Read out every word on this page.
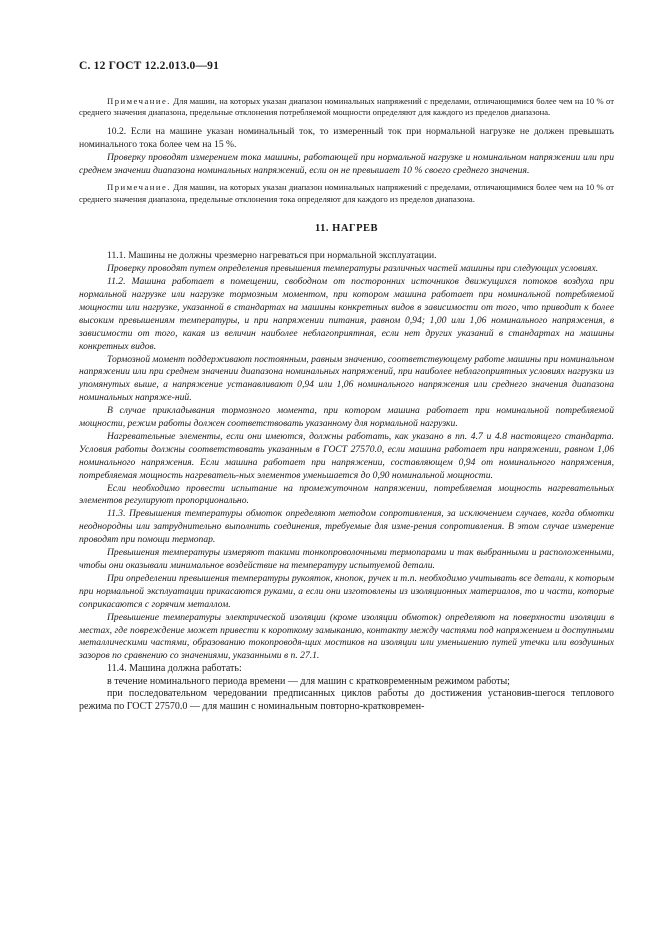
С. 12 ГОСТ 12.2.013.0—91

Примечание. Для машин, на которых указан диапазон номинальных напряжений с пределами, отличающимися более чем на 10 % от среднего значения диапазона, предельные отклонения потребляемой мощности определяют для каждого из пределов диапазона.

10.2. Если на машине указан номинальный ток, то измеренный ток при нормальной нагрузке не должен превышать номинального тока более чем на 15 %.

Проверку проводят измерением тока машины, работающей при нормальной нагрузке и номинальном напряжении или при среднем значении диапазона номинальных напряжений, если он не превышает 10 % своего среднего значения.

Примечание. Для машин, на которых указан диапазон номинальных напряжений с пределами, отличающимися более чем на 10 % от среднего значения диапазона, предельные отклонения тока определяют для каждого из пределов диапазона.

11. НАГРЕВ

11.1. Машины не должны чрезмерно нагреваться при нормальной эксплуатации.

Проверку проводят путем определения превышения температуры различных частей машины при следующих условиях.

11.2. Машина работает в помещении, свободном от посторонних источников движущихся потоков воздуха при нормальной нагрузке или нагрузке тормозным моментом, при котором машина работает при номинальной потребляемой мощности или нагрузке, указанной в стандартах на машины конкретных видов в зависимости от того, что приводит к более высоким превышениям температуры, и при напряжении питания, равном 0,94; 1,00 или 1,06 номинального напряжения, в зависимости от того, какая из величин наиболее неблагоприятная, если нет других указаний в стандартах на машины конкретных видов.

Тормозной момент поддерживают постоянным, равным значению, соответствующему работе машины при номинальном напряжении или при среднем значении диапазона номинальных напряжений, при наиболее неблагоприятных условиях нагрузки из упомянутых выше, а напряжение устанавливают 0,94 или 1,06 номинального напряжения или среднего значения диапазона номинальных напряже-ний.

В случае прикладывания тормозного момента, при котором машина работает при номинальной потребляемой мощности, режим работы должен соответствовать указанному для нормальной нагрузки.

Нагревательные элементы, если они имеются, должны работать, как указано в пп. 4.7 и 4.8 настоящего стандарта. Условия работы должны соответствовать указанным в ГОСТ 27570.0, если машина работает при напряжении, равном 1,06 номинального напряжения. Если машина работает при напряжении, составляющем 0,94 от номинального напряжения, потребляемая мощность нагреватель-ных элементов уменьшается до 0,90 номинальной мощности.

Если необходимо провести испытание на промежуточном напряжении, потребляемая мощность нагревательных элементов регулируют пропорционально.

11.3. Превышения температуры обмоток определяют методом сопротивления, за исключением случаев, когда обмотки неоднородны или затруднительно выполнить соединения, требуемые для изме-рения сопротивления. В этом случае измерение проводят при помощи термопар.

Превышения температуры измеряют такими тонкопроволочными термопарами и так выбранными и расположенными, чтобы они оказывали минимальное воздействие на температуру испытуемой детали.

При определении превышения температуры рукояток, кнопок, ручек и т.п. необходимо учитывать все детали, к которым при нормальной эксплуатации прикасаются руками, а если они изготовлены из изоляционных материалов, то и части, которые соприкасаются с горячим металлом.

Превышение температуры электрической изоляции (кроме изоляции обмоток) определяют на поверхности изоляции в местах, где повреждение может привести к короткому замыканию, контакту между частями под напряжением и доступными металлическими частями, образованию токопроводя-щих мостиков на изоляции или уменьшению путей утечки или воздушных зазоров по сравнению со значениями, указанными в п. 27.1.

11.4. Машина должна работать:

в течение номинального периода времени — для машин с кратковременным режимом работы;

при последовательном чередовании предписанных циклов работы до достижения установив-шегося теплового режима по ГОСТ 27570.0 — для машин с номинальным повторно-кратковремен-
